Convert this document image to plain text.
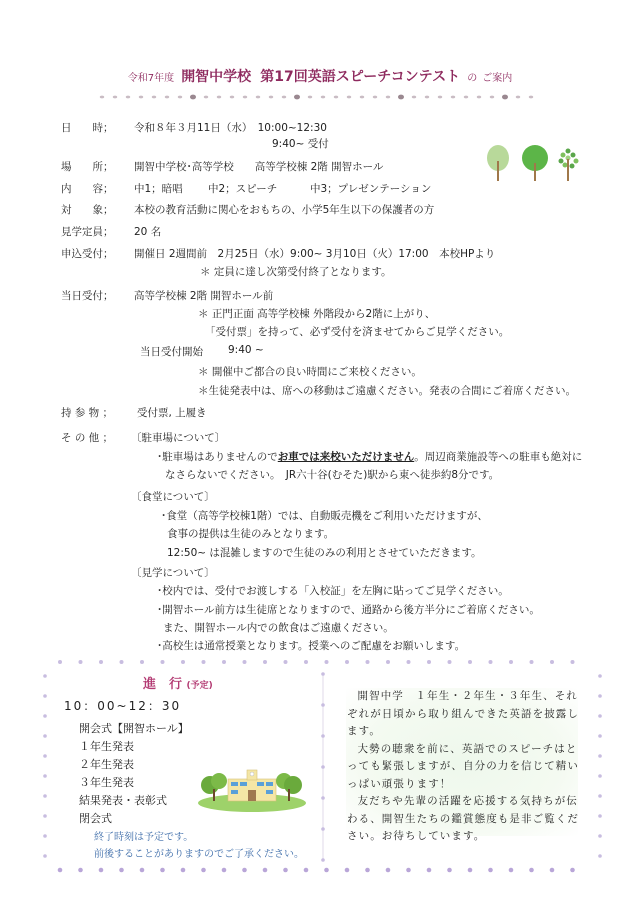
令和7年度 開智中学校 第17回英語スピーチコンテスト の ご案内
日　　時； 令和８年３月11日（水）　10:00~12:30
9:40~ 受付
場　　所； 開智中学校･高等学校　　高等学校棟 2階 開智ホール
内　　容； 中1；暗唱 中2；スピーチ	中3；プレゼンテーション
対　　象； 本校の教育活動に関心をおもちの、小学5年生以下の保護者の方
見学定員； 20 名
申込受付； 開催日 2週間前　2月25日（水）9:00~ 3月10日（火）17:00　本校HPより
＊ 定員に達し次第受付終了となります。
当日受付； 高等学校棟 2階 開智ホール前
＊ 正門正面 高等学校棟 外階段から2階に上がり、
「受付票」を持って、必ず受付を済ませてからご見学ください。
当日受付開始 9:40 ~
＊ 開催中ご都合の良い時間にご来校ください。
＊生徒発表中は、席への移動はご遠慮ください。発表の合間にご着席ください。
持 参 物 ； 受付票, 上履き
そ の 他 ； 〔駐車場について〕
･駐車場はありませんのでお車では来校いただけません。周辺商業施設等への駐車も絶対に
なさらないでください。　JR六十谷(むそた)駅から東へ徒歩約8分です。
〔食堂について〕
･食堂（高等学校棟1階）では、自動販売機をご利用いただけますが、
食事の提供は生徒のみとなります。
12:50~ は混雑しますので生徒のみの利用とさせていただきます。
〔見学について〕
･校内では、受付でお渡しする「入校証」を左胸に貼ってご見学ください。
･開智ホール前方は生徒席となりますので、通路から後方半分にご着席ください。
また、開智ホール内での飲食はご遠慮ください。
･高校生は通常授業となります。授業へのご配慮をお願いします。
進　行 (予定)
10：00~12：30
開会式【開智ホール】
１年生発表
２年生発表
３年生発表
結果発表・表彰式
閉会式
終了時刻は予定です。
前後することがありますのでご了承ください。

開智中学　１年生・２年生・３年生、それぞれが日頃から取り組んできた英語を披露します。

大勢の聴衆を前に、英語でのスピーチはとっても緊張しますが、自分の力を信じて精いっぱい頑張ります！

友だちや先輩の活躍を応援する気持ちが伝わる、開智生たちの鑑賞態度も是非ご覧ください。お待ちしています。
